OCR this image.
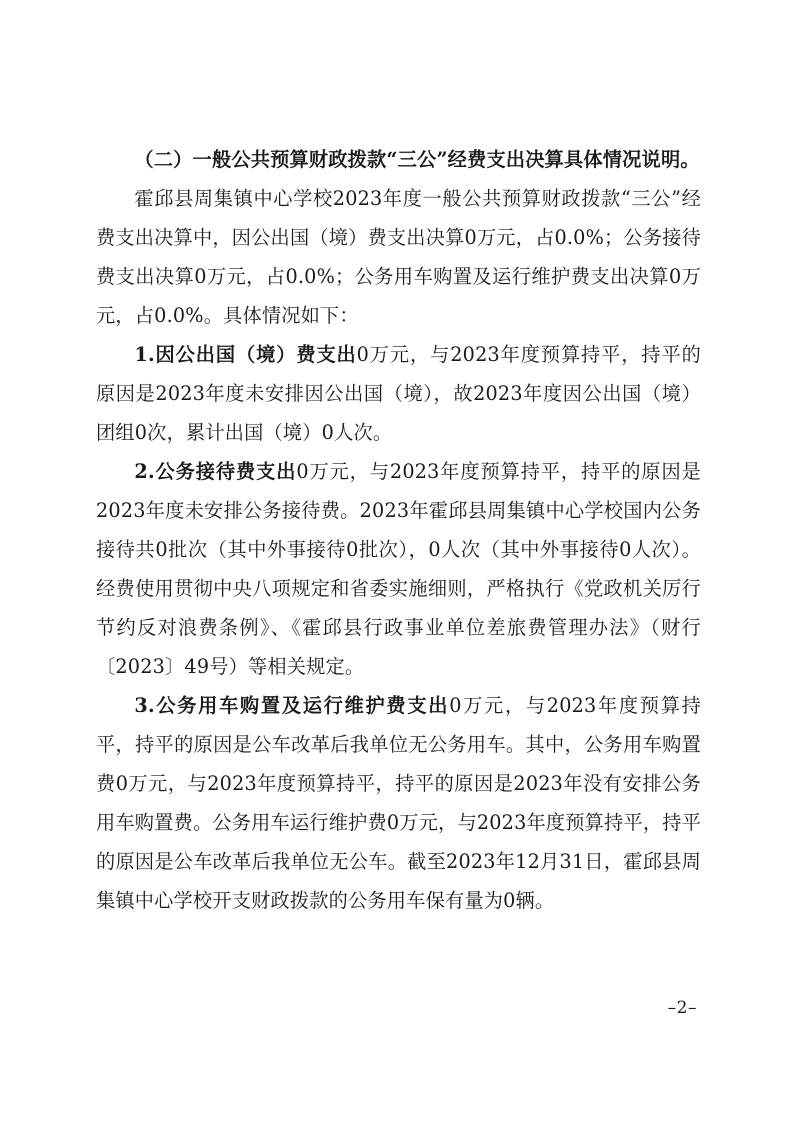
（二）一般公共预算财政拨款“三公”经费支出决算具体情况说明。

霍邱县周集镇中心学校2023年度一般公共预算财政拨款“三公”经费支出决算中，因公出国（境）费支出决算0万元，占0.0%；公务接待费支出决算0万元，占0.0%；公务用车购置及运行维护费支出决算0万元，占0.0%。具体情况如下：

1.因公出国（境）费支出0万元，与2023年度预算持平，持平的原因是2023年度未安排因公出国（境），故2023年度因公出国（境）团组0次，累计出国（境）0人次。

2.公务接待费支出0万元，与2023年度预算持平，持平的原因是2023年度未安排公务接待费。2023年霍邱县周集镇中心学校国内公务接待共0批次（其中外事接待0批次），0人次（其中外事接待0人次）。经费使用贯彻中央八项规定和省委实施细则，严格执行《党政机关厉行节约反对浪费条例》、《霍邱县行政事业单位差旅费管理办法》（财行〔2023〕49号）等相关规定。

3.公务用车购置及运行维护费支出0万元，与2023年度预算持平，持平的原因是公车改革后我单位无公务用车。其中，公务用车购置费0万元，与2023年度预算持平，持平的原因是2023年没有安排公务用车购置费。公务用车运行维护费0万元，与2023年度预算持平，持平的原因是公车改革后我单位无公车。截至2023年12月31日，霍邱县周集镇中心学校开支财政拨款的公务用车保有量为0辆。

–2–
